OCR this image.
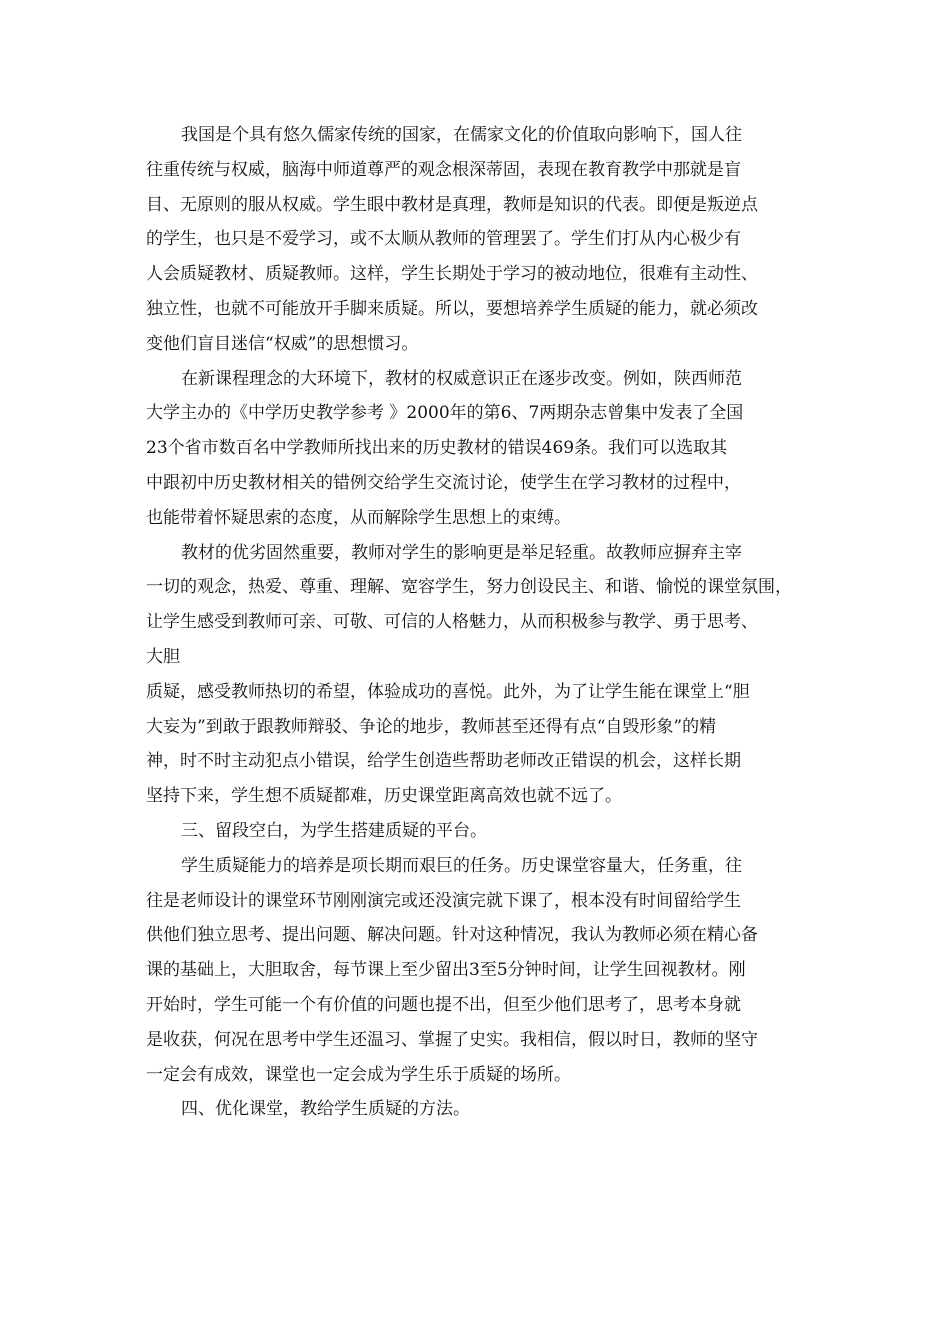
我国是个具有悠久儒家传统的国家，在儒家文化的价值取向影响下，国人往

往重传统与权威，脑海中师道尊严的观念根深蒂固，表现在教育教学中那就是盲

目、无原则的服从权威。学生眼中教材是真理，教师是知识的代表。即便是叛逆点

的学生，也只是不爱学习，或不太顺从教师的管理罢了。学生们打从内心极少有

人会质疑教材、质疑教师。这样，学生长期处于学习的被动地位，很难有主动性、

独立性，也就不可能放开手脚来质疑。所以，要想培养学生质疑的能力，就必须改

变他们盲目迷信“权威”的思想惯习。

在新课程理念的大环境下，教材的权威意识正在逐步改变。例如，陕西师范

大学主办的《中学历史教学参考 》2000年的第6、7两期杂志曾集中发表了全国

23个省市数百名中学教师所找出来的历史教材的错误469条。我们可以选取其

中跟初中历史教材相关的错例交给学生交流讨论，使学生在学习教材的过程中，

也能带着怀疑思索的态度，从而解除学生思想上的束缚。

教材的优劣固然重要，教师对学生的影响更是举足轻重。故教师应摒弃主宰

一切的观念，热爱、尊重、理解、宽容学生，努力创设民主、和谐、愉悦的课堂氛围，

让学生感受到教师可亲、可敬、可信的人格魅力，从而积极参与教学、勇于思考、

大胆

质疑，感受教师热切的希望，体验成功的喜悦。此外，为了让学生能在课堂上“胆

大妄为”到敢于跟教师辩驳、争论的地步，教师甚至还得有点“自毁形象”的精

神，时不时主动犯点小错误，给学生创造些帮助老师改正错误的机会，这样长期

坚持下来，学生想不质疑都难，历史课堂距离高效也就不远了。

三、留段空白，为学生搭建质疑的平台。

学生质疑能力的培养是项长期而艰巨的任务。历史课堂容量大，任务重，往

往是老师设计的课堂环节刚刚演完或还没演完就下课了，根本没有时间留给学生

供他们独立思考、提出问题、解决问题。针对这种情况，我认为教师必须在精心备

课的基础上，大胆取舍，每节课上至少留出3至5分钟时间，让学生回视教材。刚

开始时，学生可能一个有价值的问题也提不出，但至少他们思考了，思考本身就

是收获，何况在思考中学生还温习、掌握了史实。我相信，假以时日，教师的坚守

一定会有成效，课堂也一定会成为学生乐于质疑的场所。

四、优化课堂，教给学生质疑的方法。
